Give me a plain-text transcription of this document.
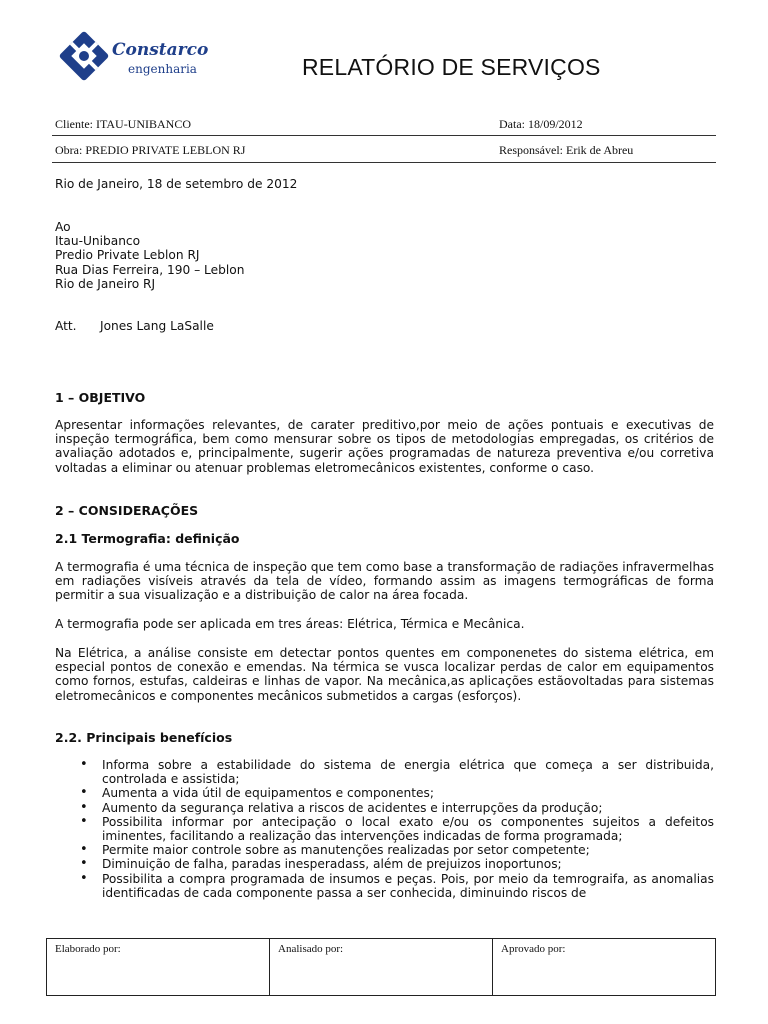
Constarco
engenharia	RELATÓRIO DE SERVIÇOS
Cliente: ITAU-UNIBANCO	Data: 18/09/2012
Obra: PREDIO PRIVATE LEBLON RJ	Responsável: Erik de Abreu
Rio de Janeiro, 18 de setembro de 2012
Ao
Itau-Unibanco
Predio Private Leblon RJ
Rua Dias Ferreira, 190 – Leblon
Rio de Janeiro RJ
Att. Jones Lang LaSalle
1 – OBJETIVO
Apresentar informações relevantes, de carater preditivo,por meio de ações pontuais e executivas de inspeção termográfica, bem como mensurar sobre os tipos de metodologias empregadas, os critérios de avaliação adotados e, principalmente, sugerir ações programadas de natureza preventiva e/ou corretiva voltadas a eliminar ou atenuar problemas eletromecânicos existentes, conforme o caso.
2 – CONSIDERAÇÕES
2.1 Termografia: definição
A termografia é uma técnica de inspeção que tem como base a transformação de radiações infravermelhas em radiações visíveis através da tela de vídeo, formando assim as imagens termográficas de forma permitir a sua visualização e a distribuição de calor na área focada.
A termografia pode ser aplicada em tres áreas: Elétrica, Térmica e Mecânica.
Na Elétrica, a análise consiste em detectar pontos quentes em componenetes do sistema elétrica, em especial pontos de conexão e emendas. Na térmica se vusca localizar perdas de calor em equipamentos como fornos, estufas, caldeiras e linhas de vapor. Na mecânica,as aplicações estãovoltadas para sistemas eletromecânicos e componentes mecânicos submetidos a cargas (esforços).
2.2. Principais benefícios
• Informa sobre a estabilidade do sistema de energia elétrica que começa a ser distribuida, controlada e assistida;
• Aumenta a vida útil de equipamentos e componentes;
• Aumento da segurança relativa a riscos de acidentes e interrupções da produção;
• Possibilita informar por antecipação o local exato e/ou os componentes sujeitos a defeitos iminentes, facilitando a realização das intervenções indicadas de forma programada;
• Permite maior controle sobre as manutenções realizadas por setor competente;
• Diminuição de falha, paradas inesperadass, além de prejuizos inoportunos;
• Possibilita a compra programada de insumos e peças. Pois, por meio da temrograifa, as anomalias identificadas de cada componente passa a ser conhecida, diminuindo riscos de
Elaborado por:	Analisado por:	Aprovado por:
